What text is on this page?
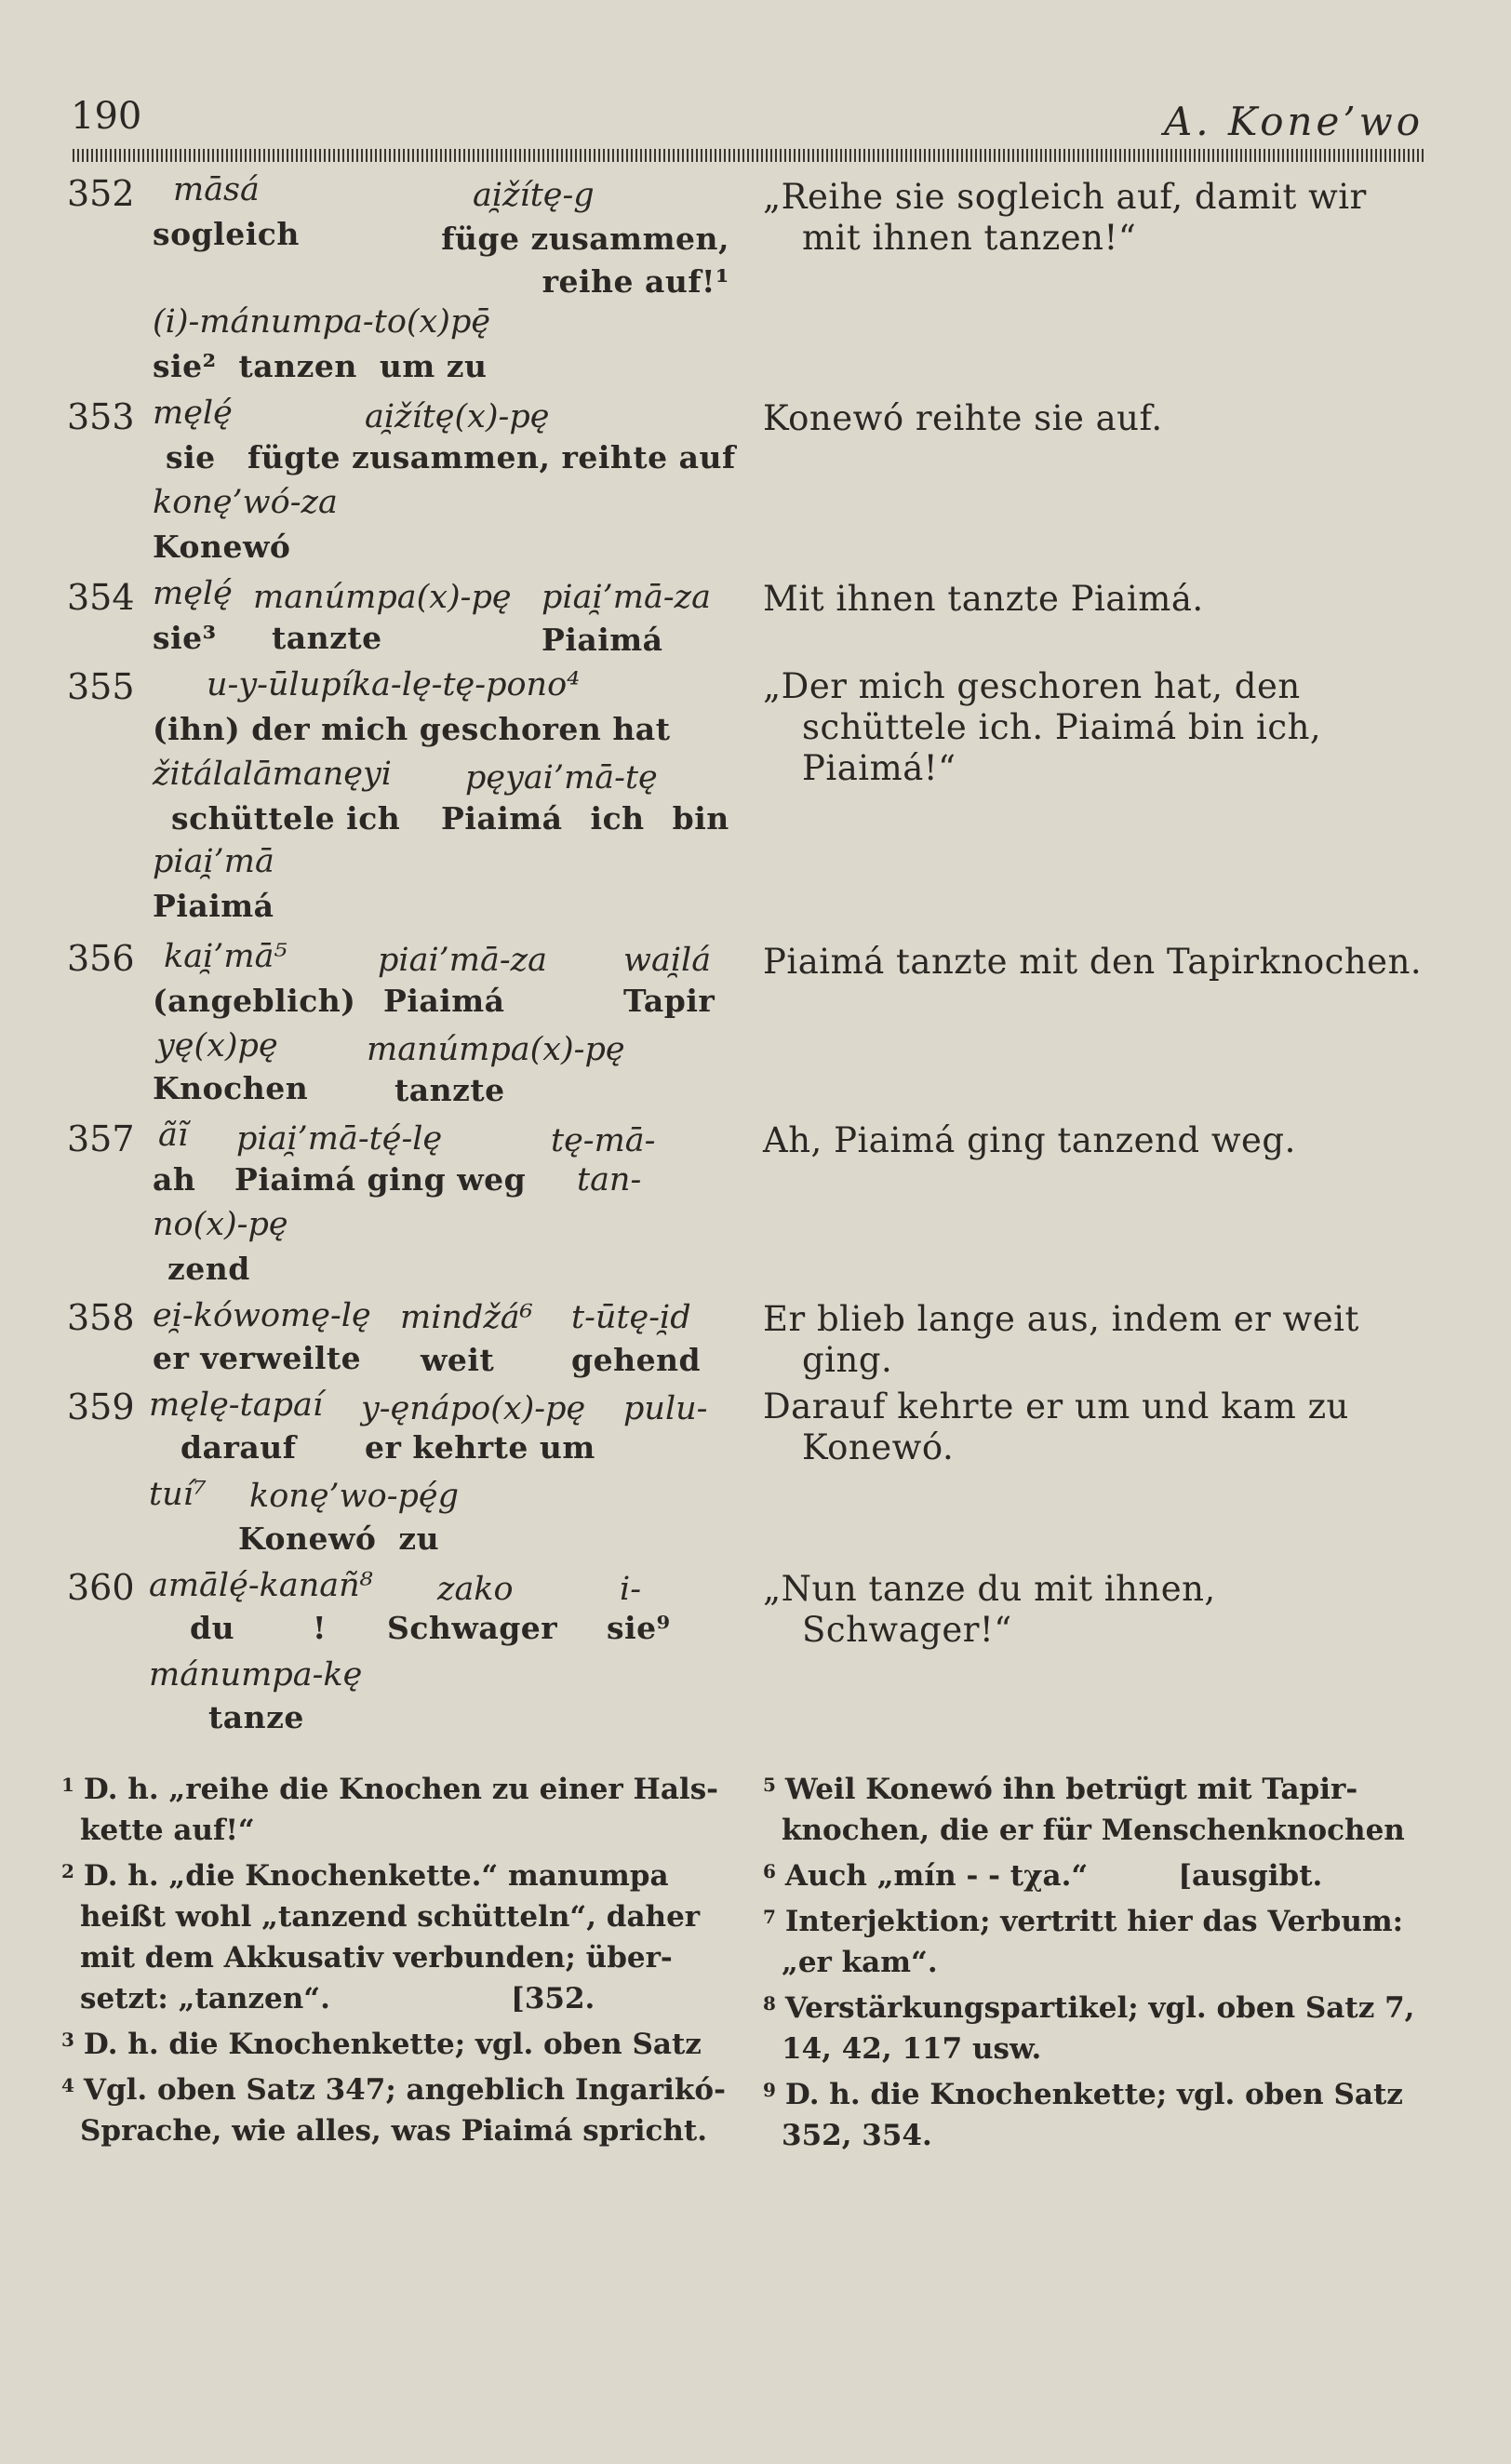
190	A. Kone’wo
352 māsá
sogleich
ai̯žítę-g
füge zusammen, reihe auf!¹
(i)-mánumpa-to(x)pę̄
sie²  tanzen  um zu
„Reihe sie sogleich auf, damit wir mit ihnen tanzen!“
353 męlę́
sie
ai̯žítę(x)-pę
fügte zusammen, reihte auf
konę’wó-za
Konewó
Konewó reihte sie auf.
354 męlę́
sie³
manúmpa(x)-pę
tanzte
piai̯’mā-za
Piaimá
Mit ihnen tanzte Piaimá.
355 u-y-ūlupíka-lę-tę-pono⁴
(ihn) der mich geschoren hat
žitálalāmanęyi
schüttele ich
pęyai’mā-tę
Piaimá ich bin
piai̯’mā
Piaimá
„Der mich geschoren hat, den schüttele ich. Piaimá bin ich, Piaimá!“
356 kai̯’mā⁵
(angeblich)
piai’mā-za
Piaimá
wai̯lá
Tapir
yę(x)pę
Knochen
manúmpa(x)-pę
tanzte
Piaimá tanzte mit den Tapirknochen.
357 ãĩ
ah
piai̯’mā-tę́-lę
Piaimá ging weg
tę-mā-
tan-
no(x)-pę
zend
Ah, Piaimá ging tanzend weg.
358 ei̯-kówomę-lę
er verweilte
mindžá⁶
weit
t-ūtę-i̯d
gehend
Er blieb lange aus, indem er weit ging.
359 męlę-tapaí
darauf
y-ęnápo(x)-pę
er kehrte um
pulu-
tuí⁷ konę’wo-pę́g
Konewó  zu
Darauf kehrte er um und kam zu Konewó.
360 amālę́-kanañ⁸
du       !
zako
Schwager
i-
sie⁹
mánumpa-kę
tanze
„Nun tanze du mit ihnen, Schwager!“
$^1$ D. h. „reihe die Knochen zu einer Hals-
kette auf!“
$^2$ D. h. „die Knochenkette.“ manumpa
heißt wohl „tanzend schütteln“, daher
mit dem Akkusativ verbunden; über-
setzt: „tanzen“.                  [352.
$^3$ D. h. die Knochenkette; vgl. oben Satz
$^4$ Vgl. oben Satz 347; angeblich Ingarikó-
Sprache, wie alles, was Piaimá spricht.
$^5$ Weil Konewó ihn betrügt mit Tapir-
knochen, die er für Menschenknochen
$^6$ Auch „mín - - tχa.“         [ausgibt.
$^7$ Interjektion; vertritt hier das Verbum:
„er kam“.
$^8$ Verstärkungspartikel; vgl. oben Satz 7,
14, 42, 117 usw.
$^9$ D. h. die Knochenkette; vgl. oben Satz
352, 354.
